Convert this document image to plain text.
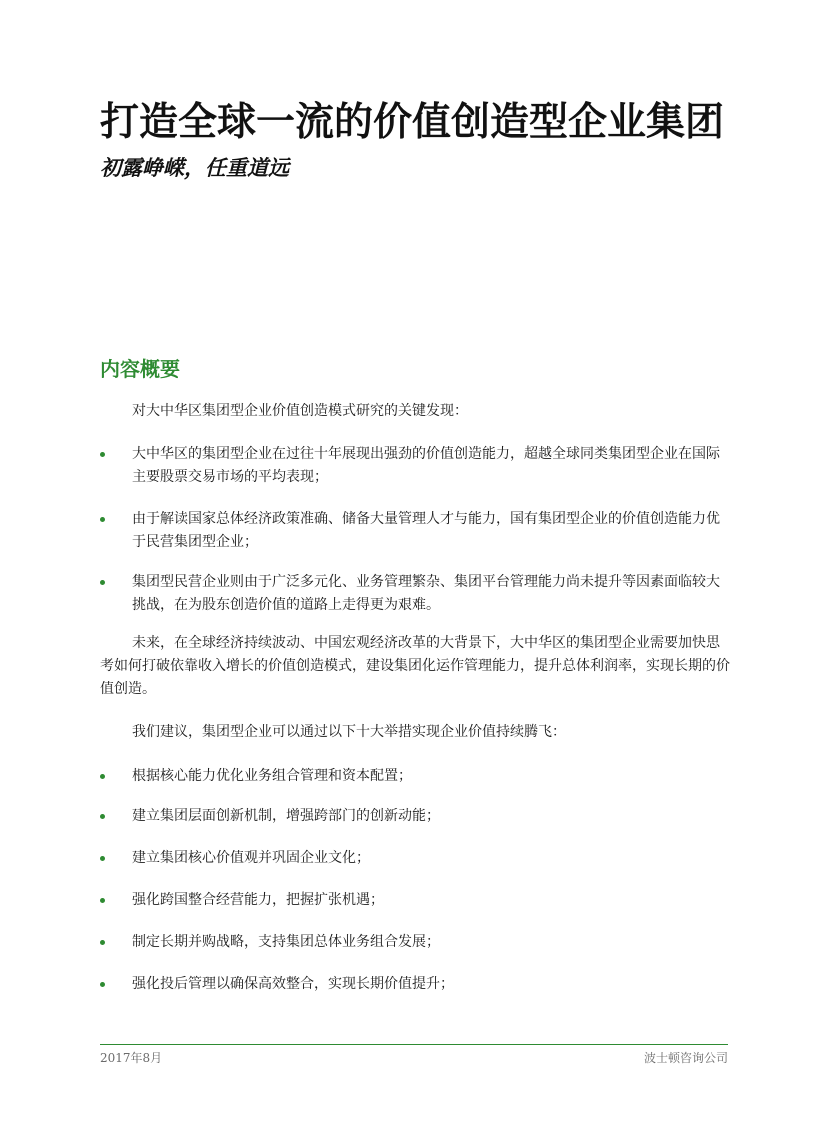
打造全球一流的价值创造型企业集团
初露峥嵘，任重道远
内容概要

对大中华区集团型企业价值创造模式研究的关键发现：

大中华区的集团型企业在过往十年展现出强劲的价值创造能力，超越全球同类集团型企业在国际主要股票交易市场的平均表现；
由于解读国家总体经济政策准确、储备大量管理人才与能力，国有集团型企业的价值创造能力优于民营集团型企业；
集团型民营企业则由于广泛多元化、业务管理繁杂、集团平台管理能力尚未提升等因素面临较大挑战，在为股东创造价值的道路上走得更为艰难。

未来，在全球经济持续波动、中国宏观经济改革的大背景下，大中华区的集团型企业需要加快思考如何打破依靠收入增长的价值创造模式，建设集团化运作管理能力，提升总体利润率，实现长期的价值创造。

我们建议，集团型企业可以通过以下十大举措实现企业价值持续腾飞：

根据核心能力优化业务组合管理和资本配置；
建立集团层面创新机制，增强跨部门的创新动能；
建立集团核心价值观并巩固企业文化；
强化跨国整合经营能力，把握扩张机遇；
制定长期并购战略，支持集团总体业务组合发展；
强化投后管理以确保高效整合，实现长期价值提升；
2017年8月	波士顿咨询公司
